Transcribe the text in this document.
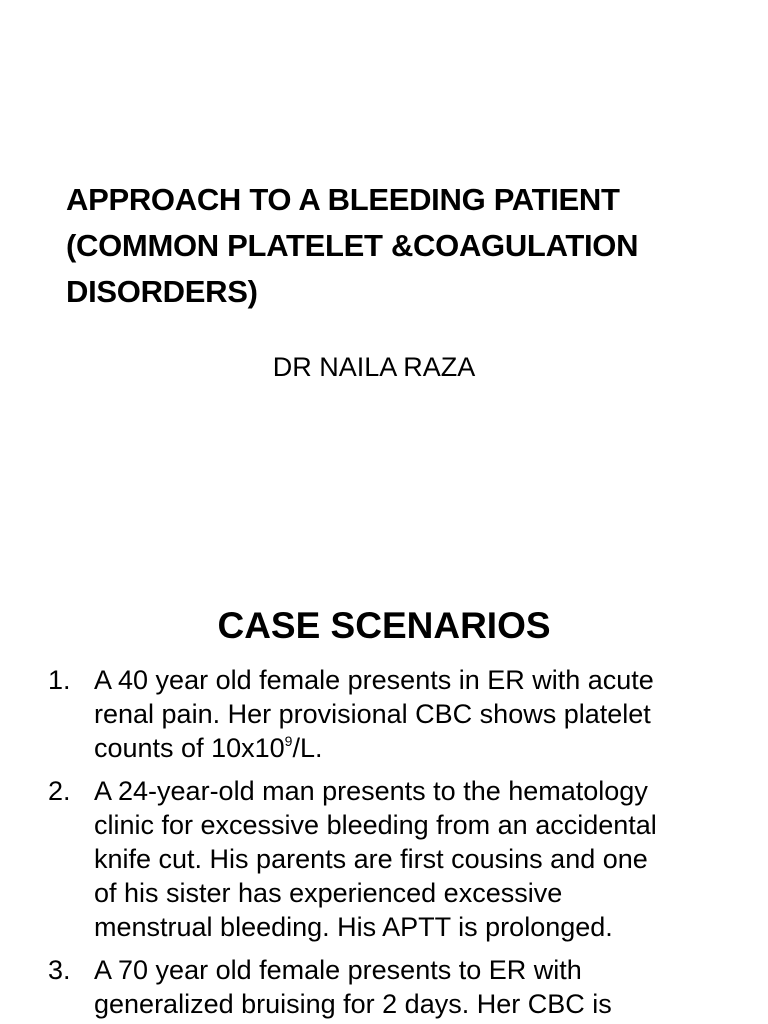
APPROACH TO A BLEEDING PATIENT
(COMMON PLATELET &COAGULATION
DISORDERS)
DR NAILA RAZA
CASE SCENARIOS
1. A 40 year old female presents in ER with acute
renal pain. Her provisional CBC shows platelet
counts of $10x10^9/L$.
2. A 24-year-old man presents to the hematology
clinic for excessive bleeding from an accidental
knife cut. His parents are first cousins and one
of his sister has experienced excessive
menstrual bleeding. His APTT is prolonged.
3. A 70 year old female presents to ER with
generalized bruising for 2 days. Her CBC is
